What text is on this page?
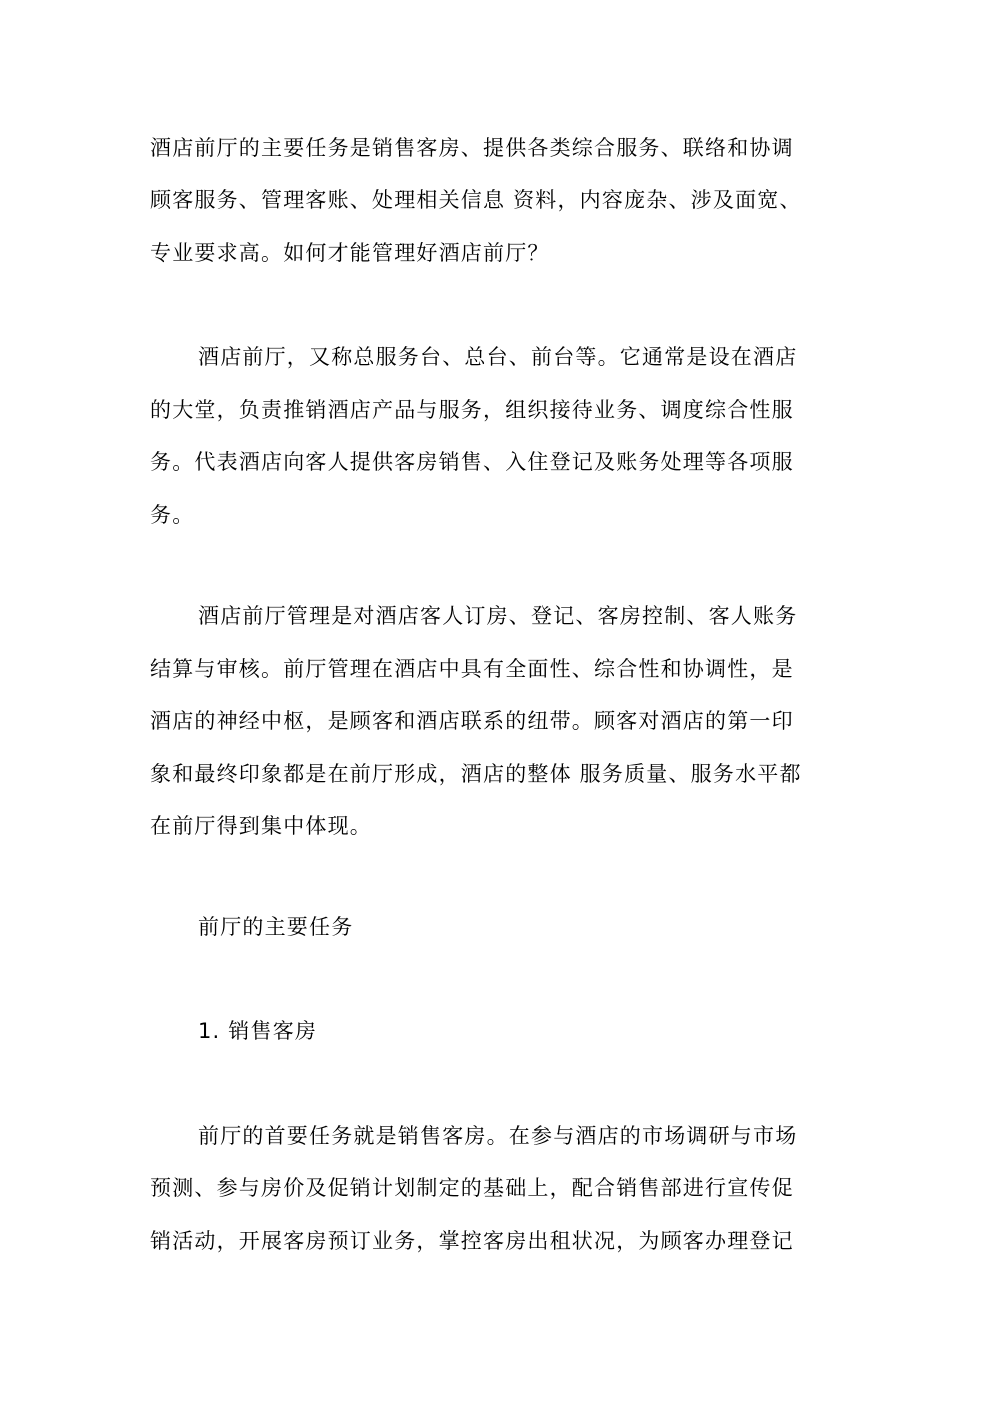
酒店前厅的主要任务是销售客房、提供各类综合服务、联络和协调
顾客服务、管理客账、处理相关信息 资料，内容庞杂、涉及面宽、
专业要求高。如何才能管理好酒店前厅？
酒店前厅，又称总服务台、总台、前台等。它通常是设在酒店
的大堂，负责推销酒店产品与服务，组织接待业务、调度综合性服
务。代表酒店向客人提供客房销售、入住登记及账务处理等各项服
务。
酒店前厅管理是对酒店客人订房、登记、客房控制、客人账务
结算与审核。前厅管理在酒店中具有全面性、综合性和协调性，是
酒店的神经中枢，是顾客和酒店联系的纽带。顾客对酒店的第一印
象和最终印象都是在前厅形成，酒店的整体 服务质量、服务水平都
在前厅得到集中体现。
前厅的主要任务
1. 销售客房
前厅的首要任务就是销售客房。在参与酒店的市场调研与市场
预测、参与房价及促销计划制定的基础上，配合销售部进行宣传促
销活动，开展客房预订业务，掌控客房出租状况，为顾客办理登记
